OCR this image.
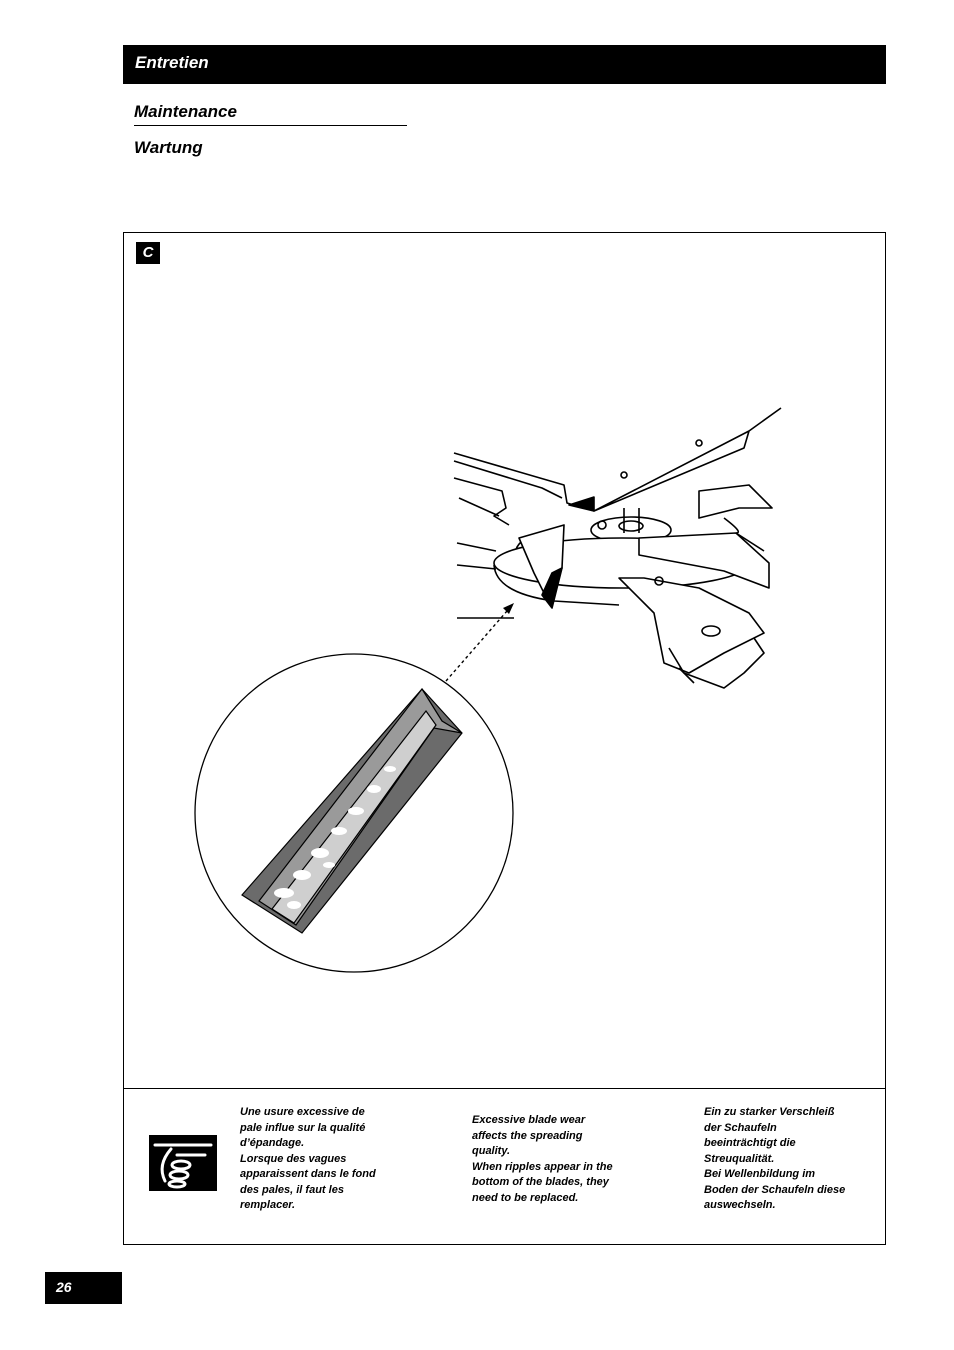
Entretien
Maintenance
Wartung
C
Une usure excessive de
pale influe sur la qualité
d’épandage.
Lorsque des vagues
apparaissent dans le fond
des pales, il faut les
remplacer.
Excessive blade wear
affects the spreading
quality.
When ripples appear in the
bottom of the blades, they
need to be replaced.
Ein zu starker Verschleiß
der Schaufeln
beeinträchtigt die
Streuqualität.
Bei Wellenbildung im
Boden der Schaufeln diese
auswechseln.
26
